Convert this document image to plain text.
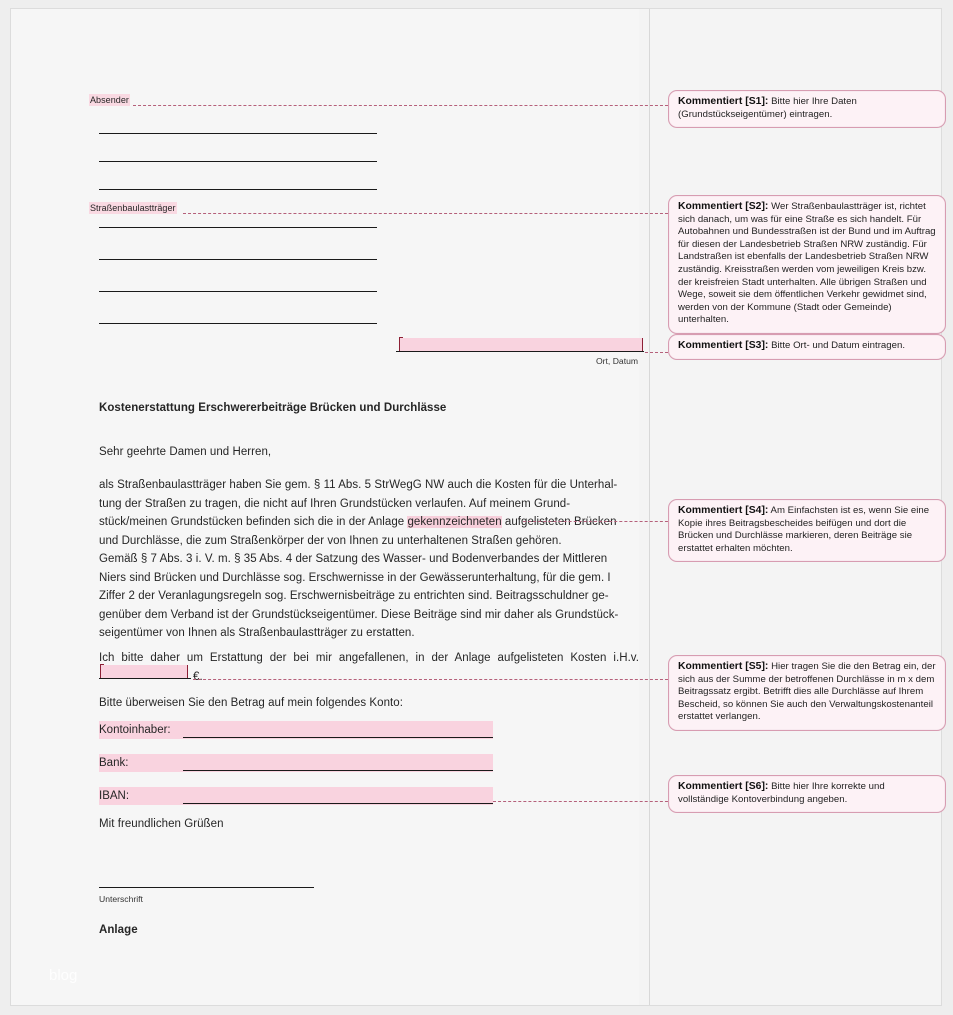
Absender
Straßenbaulastträger
Ort, Datum
Kostenerstattung Erschwererbeiträge Brücken und Durchlässe
Sehr geehrte Damen und Herren,
als Straßenbaulastträger haben Sie gem. § 11 Abs. 5 StrWegG NW auch die Kosten für die Unterhal-
tung der Straßen zu tragen, die nicht auf Ihren Grundstücken verlaufen. Auf meinem Grund-
stück/meinen Grundstücken befinden sich die in der Anlage gekennzeichneten aufgelisteten Brücken
und Durchlässe, die zum Straßenkörper der von Ihnen zu unterhaltenen Straßen gehören.
Gemäß § 7 Abs. 3 i. V. m. § 35 Abs. 4 der Satzung des Wasser- und Bodenverbandes der Mittleren
Niers sind Brücken und Durchlässe sog. Erschwernisse in der Gewässerunterhaltung, für die gem. I
Ziffer 2 der Veranlagungsregeln sog. Erschwernisbeiträge zu entrichten sind. Beitragsschuldner ge-
genüber dem Verband ist der Grundstückseigentümer. Diese Beiträge sind mir daher als Grundstück-
seigentümer von Ihnen als Straßenbaulastträger zu erstatten.
Ich bitte daher um Erstattung der bei mir angefallenen, in der Anlage aufgelisteten Kosten i.H.v.
€.
Bitte überweisen Sie den Betrag auf mein folgendes Konto:
Kontoinhaber:
Bank:
IBAN:
Mit freundlichen Grüßen
Unterschrift
Anlage
blog
Kommentiert [S1]: Bitte hier Ihre Daten (Grundstückseigentümer) eintragen.
Kommentiert [S2]: Wer Straßenbaulastträger ist, richtet sich danach, um was für eine Straße es sich handelt. Für Autobahnen und Bundesstraßen ist der Bund und im Auftrag für diesen der Landesbetrieb Straßen NRW zuständig. Für Landstraßen ist ebenfalls der Landesbetrieb Straßen NRW zuständig. Kreisstraßen werden vom jeweiligen Kreis bzw. der kreisfreien Stadt unterhalten. Alle übrigen Straßen und Wege, soweit sie dem öffentlichen Verkehr gewidmet sind, werden von der Kommune (Stadt oder Gemeinde) unterhalten.
Kommentiert [S3]: Bitte Ort- und Datum eintragen.
Kommentiert [S4]: Am Einfachsten ist es, wenn Sie eine Kopie ihres Beitragsbescheides beifügen und dort die Brücken und Durchlässe markieren, deren Beiträge sie erstattet erhalten möchten.
Kommentiert [S5]: Hier tragen Sie die den Betrag ein, der sich aus der Summe der betroffenen Durchlässe in m x dem Beitragssatz ergibt. Betrifft dies alle Durchlässe auf Ihrem Bescheid, so können Sie auch den Verwaltungskostenanteil erstattet verlangen.
Kommentiert [S6]: Bitte hier Ihre korrekte und vollständige Kontoverbindung angeben.
